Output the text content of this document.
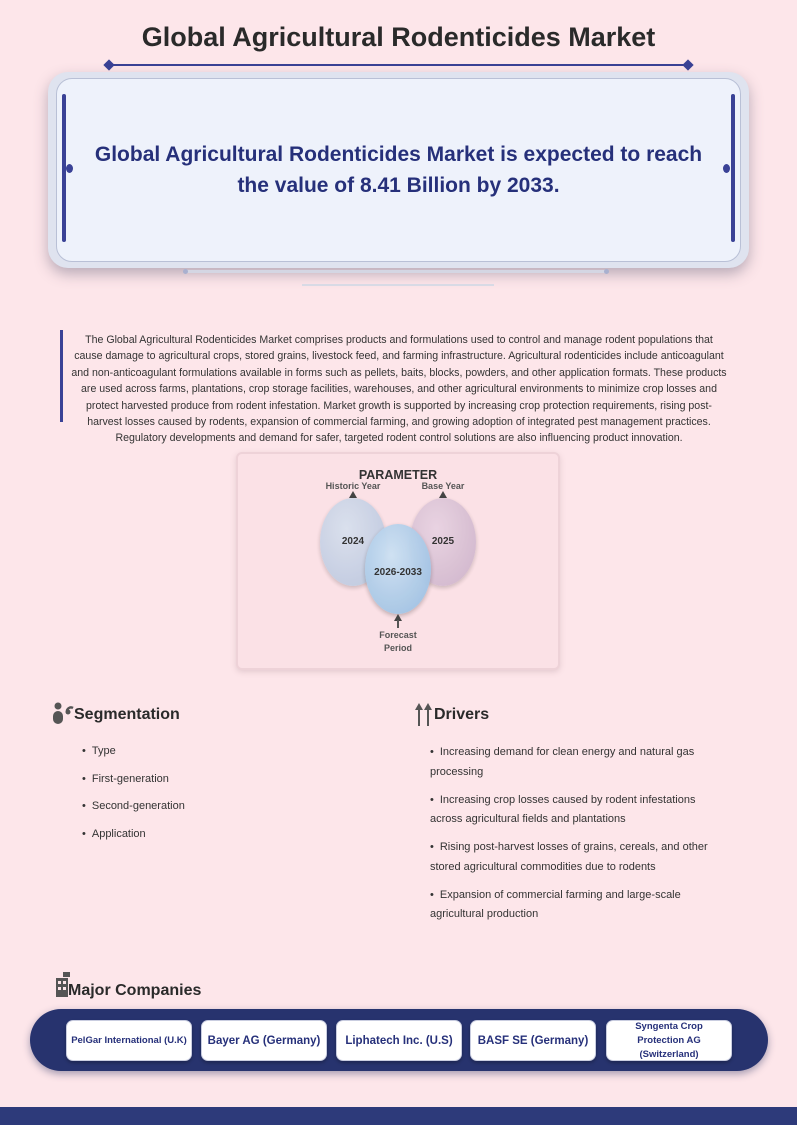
Global Agricultural Rodenticides Market
Global Agricultural Rodenticides Market is expected to reach the value of 8.41 Billion by 2033.

The Global Agricultural Rodenticides Market comprises products and formulations used to control and manage rodent populations that cause damage to agricultural crops, stored grains, livestock feed, and farming infrastructure. Agricultural rodenticides include anticoagulant and non-anticoagulant formulations available in forms such as pellets, baits, blocks, powders, and other application formats. These products are used across farms, plantations, crop storage facilities, warehouses, and other agricultural environments to minimize crop losses and protect harvested produce from rodent infestation. Market growth is supported by increasing crop protection requirements, rising post-harvest losses caused by rodents, expansion of commercial farming, and growing adoption of integrated pest management practices. Regulatory developments and demand for safer, targeted rodent control solutions are also influencing product innovation.

PARAMETER
Historic Year	Base Year
2024	2025
2026-2033
Forecast
Period
Segmentation
• Type
• First-generation
• Second-generation
• Application
Drivers
• Increasing demand for clean energy and natural gas processing
• Increasing crop losses caused by rodent infestations across agricultural fields and plantations
• Rising post-harvest losses of grains, cereals, and other stored agricultural commodities due to rodents
• Expansion of commercial farming and large-scale agricultural production
Major Companies
PelGar International (U.K)	Bayer AG (Germany)	Liphatech Inc. (U.S)	BASF SE (Germany)
Syngenta Crop Protection AG (Switzerland)
